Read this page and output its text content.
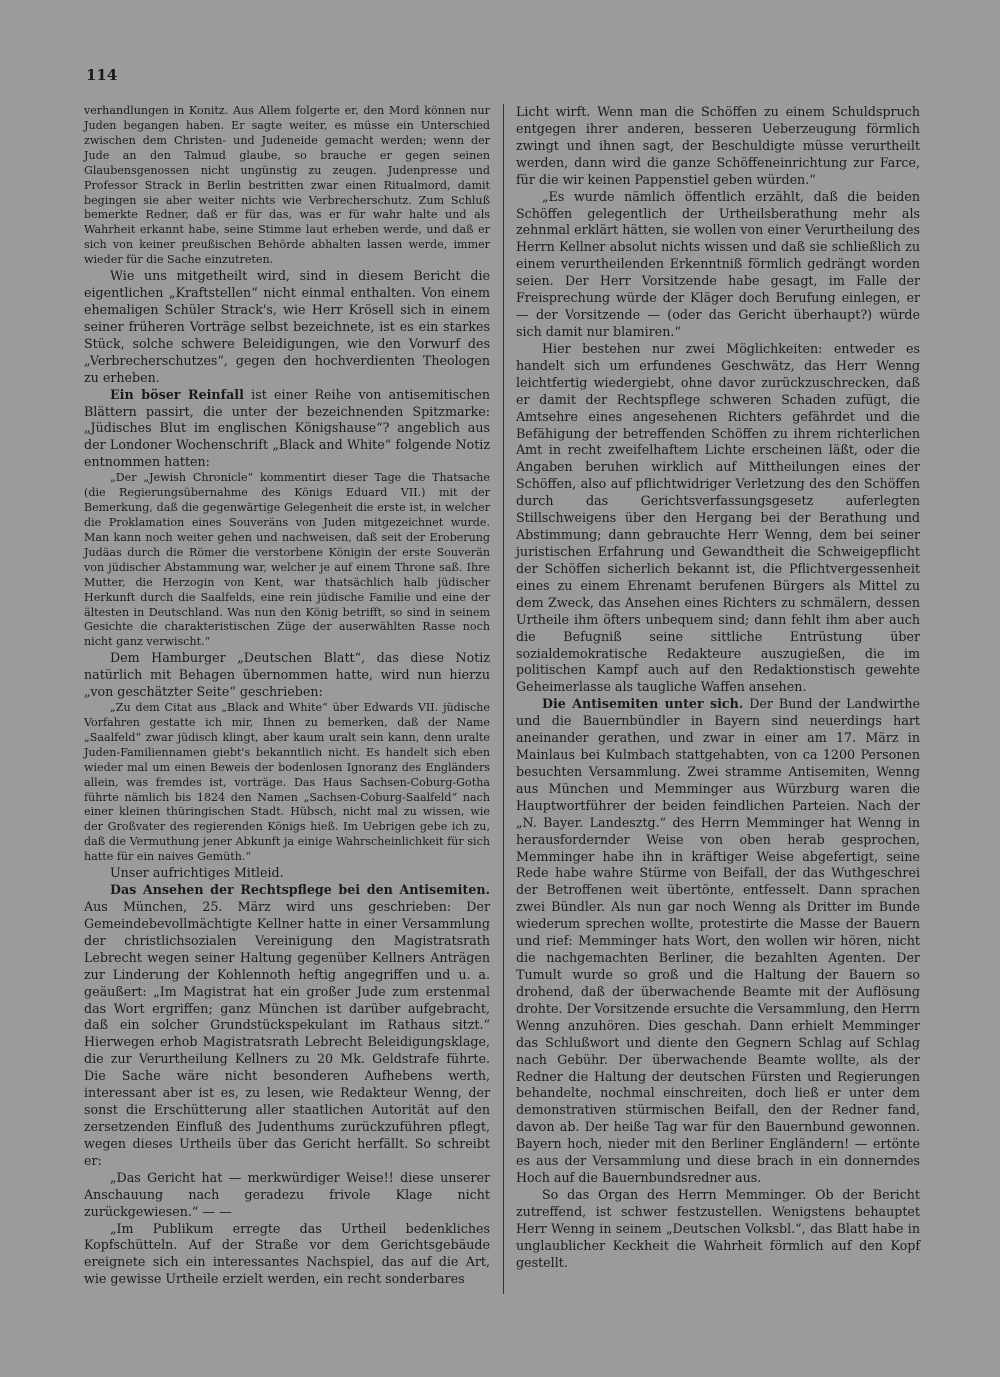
114

verhandlungen in Konitz. Aus Allem folgerte er, den Mord können nur Juden begangen haben. Er sagte weiter, es müsse ein Unterschied zwischen dem Christen- und Judeneide gemacht werden; wenn der Jude an den Talmud glaube, so brauche er gegen seinen Glaubensgenossen nicht ungünstig zu zeugen. Judenpresse und Professor Strack in Berlin bestritten zwar einen Ritualmord, damit begingen sie aber weiter nichts wie Verbrecherschutz. Zum Schluß bemerkte Redner, daß er für das, was er für wahr halte und als Wahrheit erkannt habe, seine Stimme laut erheben werde, und daß er sich von keiner preußischen Behörde abhalten lassen werde, immer wieder für die Sache einzutreten.

Wie uns mitgetheilt wird, sind in diesem Bericht die eigentlichen „Kraftstellen“ nicht einmal enthalten. Von einem ehemaligen Schüler Strack's, wie Herr Krösell sich in einem seiner früheren Vorträge selbst bezeichnete, ist es ein starkes Stück, solche schwere Beleidigungen, wie den Vorwurf des „Verbrecherschutzes“, gegen den hochverdienten Theologen zu erheben.

Ein böser Reinfall ist einer Reihe von antisemitischen Blättern passirt, die unter der bezeichnenden Spitzmarke: „Jüdisches Blut im englischen Königshause“? angeblich aus der Londoner Wochenschrift „Black and White“ folgende Notiz entnommen hatten:

„Der „Jewish Chronicle“ kommentirt dieser Tage die Thatsache (die Regierungsübernahme des Königs Eduard VII.) mit der Bemerkung, daß die gegenwärtige Gelegenheit die erste ist, in welcher die Proklamation eines Souveräns von Juden mitgezeichnet wurde. Man kann noch weiter gehen und nachweisen, daß seit der Eroberung Judäas durch die Römer die verstorbene Königin der erste Souverän von jüdischer Abstammung war, welcher je auf einem Throne saß. Ihre Mutter, die Herzogin von Kent, war thatsächlich halb jüdischer Herkunft durch die Saalfelds, eine rein jüdische Familie und eine der ältesten in Deutschland. Was nun den König betrifft, so sind in seinem Gesichte die charakteristischen Züge der auserwählten Rasse noch nicht ganz verwischt.“

Dem Hamburger „Deutschen Blatt“, das diese Notiz natürlich mit Behagen übernommen hatte, wird nun hierzu „von geschätzter Seite“ geschrieben:

„Zu dem Citat aus „Black and White“ über Edwards VII. jüdische Vorfahren gestatte ich mir, Ihnen zu bemerken, daß der Name „Saalfeld“ zwar jüdisch klingt, aber kaum uralt sein kann, denn uralte Juden-Familiennamen giebt's bekanntlich nicht. Es handelt sich eben wieder mal um einen Beweis der bodenlosen Ignoranz des Engländers allein, was fremdes ist, vorträge. Das Haus Sachsen-Coburg-Gotha führte nämlich bis 1824 den Namen „Sachsen-Coburg-Saalfeld“ nach einer kleinen thüringischen Stadt. Hübsch, nicht mal zu wissen, wie der Großvater des regierenden Königs hieß. Im Uebrigen gebe ich zu, daß die Vermuthung jener Abkunft ja einige Wahrscheinlichkeit für sich hatte für ein naives Gemüth.“

Unser aufrichtiges Mitleid.

Das Ansehen der Rechtspflege bei den Antisemiten. Aus München, 25. März wird uns geschrieben: Der Gemeindebevollmächtigte Kellner hatte in einer Versammlung der christlichsozialen Vereinigung den Magistratsrath Lebrecht wegen seiner Haltung gegenüber Kellners Anträgen zur Linderung der Kohlennoth heftig angegriffen und u. a. geäußert: „Im Magistrat hat ein großer Jude zum erstenmal das Wort ergriffen; ganz München ist darüber aufgebracht, daß ein solcher Grundstückspekulant im Rathaus sitzt.“ Hierwegen erhob Magistratsrath Lebrecht Beleidigungsklage, die zur Verurtheilung Kellners zu 20 Mk. Geldstrafe führte. Die Sache wäre nicht besonderen Aufhebens werth, interessant aber ist es, zu lesen, wie Redakteur Wenng, der sonst die Erschütterung aller staatlichen Autorität auf den zersetzenden Einfluß des Judenthums zurückzuführen pflegt, wegen dieses Urtheils über das Gericht herfällt. So schreibt er:

„Das Gericht hat — merkwürdiger Weise!! diese unserer Anschauung nach geradezu frivole Klage nicht zurückgewiesen.“ — —

„Im Publikum erregte das Urtheil bedenkliches Kopfschütteln. Auf der Straße vor dem Gerichtsgebäude ereignete sich ein interessantes Nachspiel, das auf die Art, wie gewisse Urtheile erzielt werden, ein recht sonderbares

Licht wirft. Wenn man die Schöffen zu einem Schuldspruch entgegen ihrer anderen, besseren Ueberzeugung förmlich zwingt und ihnen sagt, der Beschuldigte müsse verurtheilt werden, dann wird die ganze Schöffeneinrichtung zur Farce, für die wir keinen Pappenstiel geben würden.“

„Es wurde nämlich öffentlich erzählt, daß die beiden Schöffen gelegentlich der Urtheilsberathung mehr als zehnmal erklärt hätten, sie wollen von einer Verurtheilung des Herrn Kellner absolut nichts wissen und daß sie schließlich zu einem verurtheilenden Erkenntniß förmlich gedrängt worden seien. Der Herr Vorsitzende habe gesagt, im Falle der Freisprechung würde der Kläger doch Berufung einlegen, er — der Vorsitzende — (oder das Gericht überhaupt?) würde sich damit nur blamiren.“

Hier bestehen nur zwei Möglichkeiten: entweder es handelt sich um erfundenes Geschwätz, das Herr Wenng leichtfertig wiedergiebt, ohne davor zurückzuschrecken, daß er damit der Rechtspflege schweren Schaden zufügt, die Amtsehre eines angesehenen Richters gefährdet und die Befähigung der betreffenden Schöffen zu ihrem richterlichen Amt in recht zweifelhaftem Lichte erscheinen läßt, oder die Angaben beruhen wirklich auf Mittheilungen eines der Schöffen, also auf pflichtwidriger Verletzung des den Schöffen durch das Gerichtsverfassungsgesetz auferlegten Stillschweigens über den Hergang bei der Berathung und Abstimmung; dann gebrauchte Herr Wenng, dem bei seiner juristischen Erfahrung und Gewandtheit die Schweigepflicht der Schöffen sicherlich bekannt ist, die Pflichtvergessenheit eines zu einem Ehrenamt berufenen Bürgers als Mittel zu dem Zweck, das Ansehen eines Richters zu schmälern, dessen Urtheile ihm öfters unbequem sind; dann fehlt ihm aber auch die Befugniß seine sittliche Entrüstung über sozialdemokratische Redakteure auszugießen, die im politischen Kampf auch auf den Redaktionstisch gewehte Geheimerlasse als taugliche Waffen ansehen.

Die Antisemiten unter sich. Der Bund der Landwirthe und die Bauernbündler in Bayern sind neuerdings hart aneinander gerathen, und zwar in einer am 17. März in Mainlaus bei Kulmbach stattgehabten, von ca 1200 Personen besuchten Versammlung. Zwei stramme Antisemiten, Wenng aus München und Memminger aus Würzburg waren die Hauptwortführer der beiden feindlichen Parteien. Nach der „N. Bayer. Landesztg.“ des Herrn Memminger hat Wenng in herausfordernder Weise von oben herab gesprochen, Memminger habe ihn in kräftiger Weise abgefertigt, seine Rede habe wahre Stürme von Beifall, der das Wuthgeschrei der Betroffenen weit übertönte, entfesselt. Dann sprachen zwei Bündler. Als nun gar noch Wenng als Dritter im Bunde wiederum sprechen wollte, protestirte die Masse der Bauern und rief: Memminger hats Wort, den wollen wir hören, nicht die nachgemachten Berliner, die bezahlten Agenten. Der Tumult wurde so groß und die Haltung der Bauern so drohend, daß der überwachende Beamte mit der Auflösung drohte. Der Vorsitzende ersuchte die Versammlung, den Herrn Wenng anzuhören. Dies geschah. Dann erhielt Memminger das Schlußwort und diente den Gegnern Schlag auf Schlag nach Gebühr. Der überwachende Beamte wollte, als der Redner die Haltung der deutschen Fürsten und Regierungen behandelte, nochmal einschreiten, doch ließ er unter dem demonstrativen stürmischen Beifall, den der Redner fand, davon ab. Der heiße Tag war für den Bauernbund gewonnen. Bayern hoch, nieder mit den Berliner Engländern! — ertönte es aus der Versammlung und diese brach in ein donnerndes Hoch auf die Bauernbundsredner aus.

So das Organ des Herrn Memminger. Ob der Bericht zutreffend, ist schwer festzustellen. Wenigstens behauptet Herr Wenng in seinem „Deutschen Volksbl.“, das Blatt habe in unglaublicher Keckheit die Wahrheit förmlich auf den Kopf gestellt.
